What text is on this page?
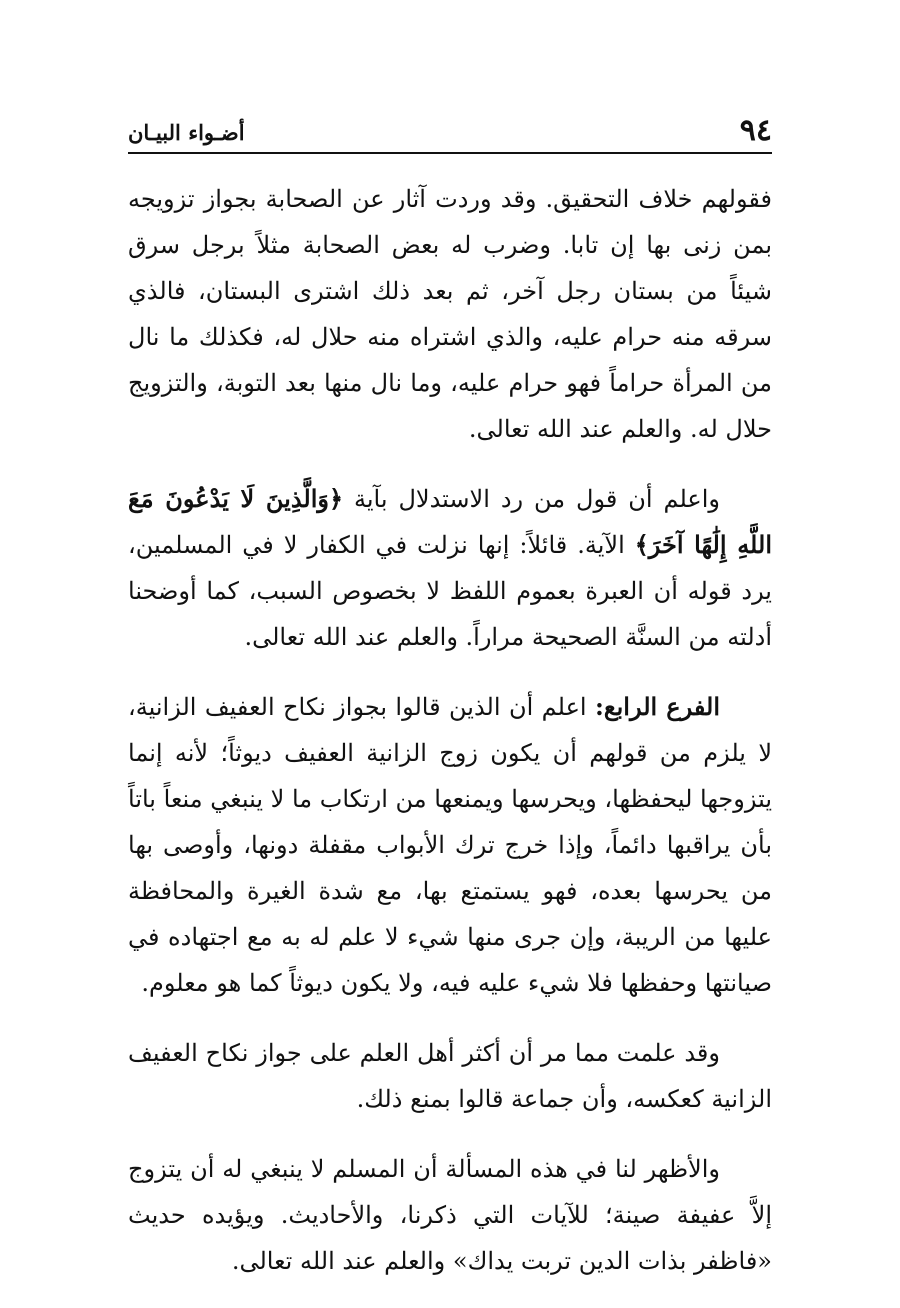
٩٤
أضـواء البيـان

فقولهم خلاف التحقيق. وقد وردت آثار عن الصحابة بجواز تزويجه بمن زنى بها إن تابا. وضرب له بعض الصحابة مثلاً برجل سرق شيئاً من بستان رجل آخر، ثم بعد ذلك اشترى البستان، فالذي سرقه منه حرام عليه، والذي اشتراه منه حلال له، فكذلك ما نال من المرأة حراماً فهو حرام عليه، وما نال منها بعد التوبة، والتزويج حلال له. والعلم عند الله تعالى.

واعلم أن قول من رد الاستدلال بآية ﴿وَالَّذِينَ لَا يَدْعُونَ مَعَ اللَّهِ إِلَٰهًا آخَرَ﴾ الآية. قائلاً: إنها نزلت في الكفار لا في المسلمين، يرد قوله أن العبرة بعموم اللفظ لا بخصوص السبب، كما أوضحنا أدلته من السنَّة الصحيحة مراراً. والعلم عند الله تعالى.

الفرع الرابع: اعلم أن الذين قالوا بجواز نكاح العفيف الزانية، لا يلزم من قولهم أن يكون زوج الزانية العفيف ديوثاً؛ لأنه إنما يتزوجها ليحفظها، ويحرسها ويمنعها من ارتكاب ما لا ينبغي منعاً باتاً بأن يراقبها دائماً، وإذا خرج ترك الأبواب مقفلة دونها، وأوصى بها من يحرسها بعده، فهو يستمتع بها، مع شدة الغيرة والمحافظة عليها من الريبة، وإن جرى منها شيء لا علم له به مع اجتهاده في صيانتها وحفظها فلا شيء عليه فيه، ولا يكون ديوثاً كما هو معلوم.

وقد علمت مما مر أن أكثر أهل العلم على جواز نكاح العفيف الزانية كعكسه، وأن جماعة قالوا بمنع ذلك.

والأظهر لنا في هذه المسألة أن المسلم لا ينبغي له أن يتزوج إلاَّ عفيفة صينة؛ للآيات التي ذكرنا، والأحاديث. ويؤيده حديث «فاظفر بذات الدين تربت يداك» والعلم عند الله تعالى.
